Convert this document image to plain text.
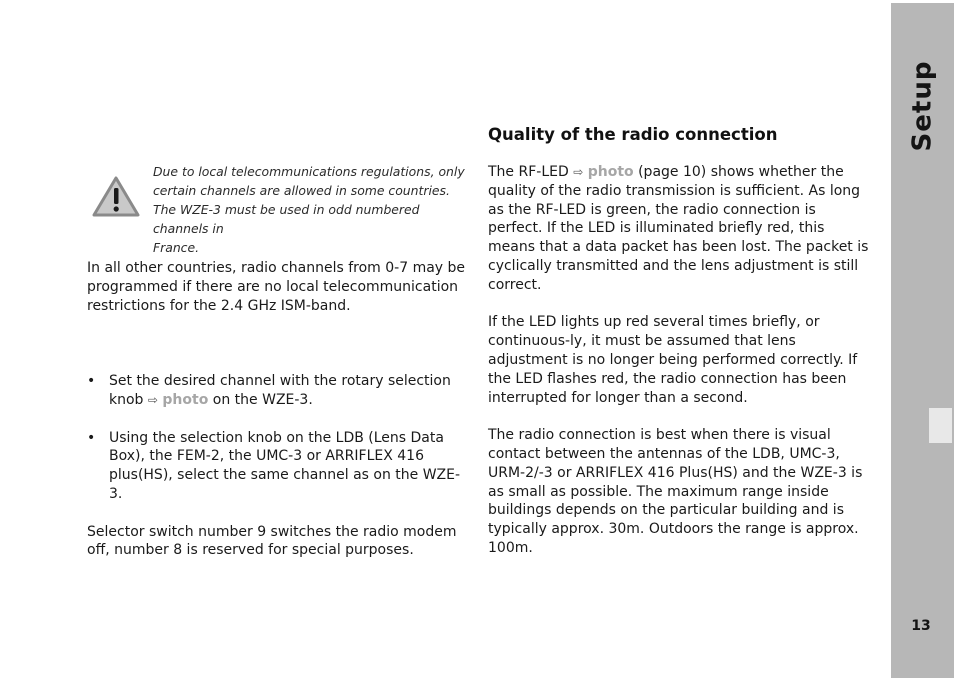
Setup
13
Due to local telecommunications regulations, only
certain channels are allowed in some countries.
The WZE-3 must be used in odd numbered channels in
France.

In all other countries, radio channels from 0-7 may be programmed if there are no local telecommunication restrictions for the 2.4 GHz ISM-band.

• Set the desired channel with the rotary selection knob ⇨ photo on the WZE-3.
• Using the selection knob on the LDB (Lens Data Box), the FEM-2, the UMC-3 or ARRIFLEX 416 plus(HS), select the same channel as on the WZE-3.

Selector switch number 9 switches the radio modem off, number 8 is reserved for special purposes.

Quality of the radio connection

The RF-LED ⇨ photo (page 10) shows whether the quality of the radio transmission is sufficient. As long as the RF-LED is green, the radio connection is perfect. If the LED is illuminated briefly red, this means that a data packet has been lost. The packet is cyclically transmitted and the lens adjustment is still correct.

If the LED lights up red several times briefly, or continuous-ly, it must be assumed that lens adjustment is no longer being performed correctly. If the LED flashes red, the radio connection has been interrupted for longer than a second.

The radio connection is best when there is visual contact between the antennas of the LDB, UMC-3, URM-2/-3 or ARRIFLEX 416 Plus(HS) and the WZE-3 is as small as possible. The maximum range inside buildings depends on the particular building and is typically approx. 30m. Outdoors the range is approx. 100m.
